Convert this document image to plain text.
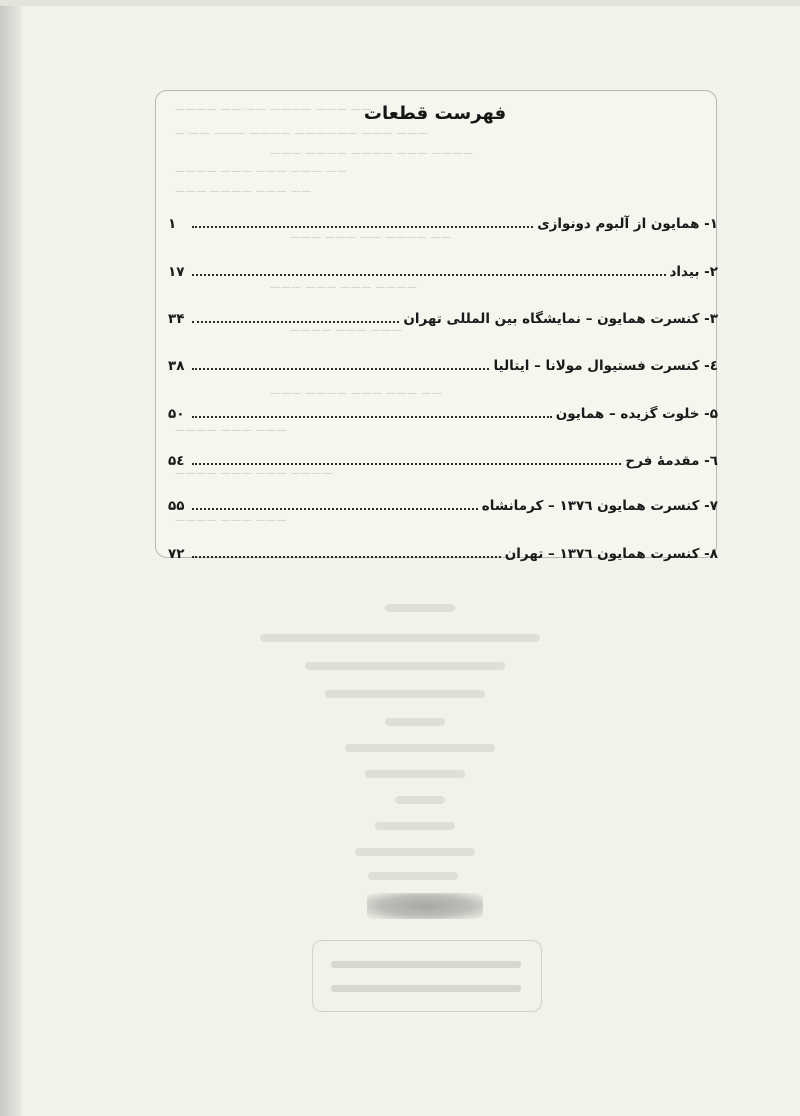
———— ——·—— ———— ——— ——
—·—— ——— ———— —————— ——— ———
——— ———— ———— ——— ————
———— ——— ——— ——— ——
——— ———— ——— ——
——— ——— —— ———— ——
——— ——— ——— ————
———— ——— ———
——— ———— ——— ——— ——
———— ——— ———
———— ——— ——— ————
———— ——— ———
فهرست قطعات
۱- همایون از آلبوم دونوازی
۱
۲- بیداد
۱۷
۳- کنسرت همایون – نمایشگاه بین المللی تهران
۳۴
٤- کنسرت فستیوال مولانا – ایتالیا
۳۸
۵- خلوت گزیده – همایون
۵۰
٦- مقدمهٔ فرح
۵٤
۷- کنسرت همایون ۱۳۷٦ – کرمانشاه
۵۵
۸- کنسرت همایون ۱۳۷٦ – تهران
۷۲
